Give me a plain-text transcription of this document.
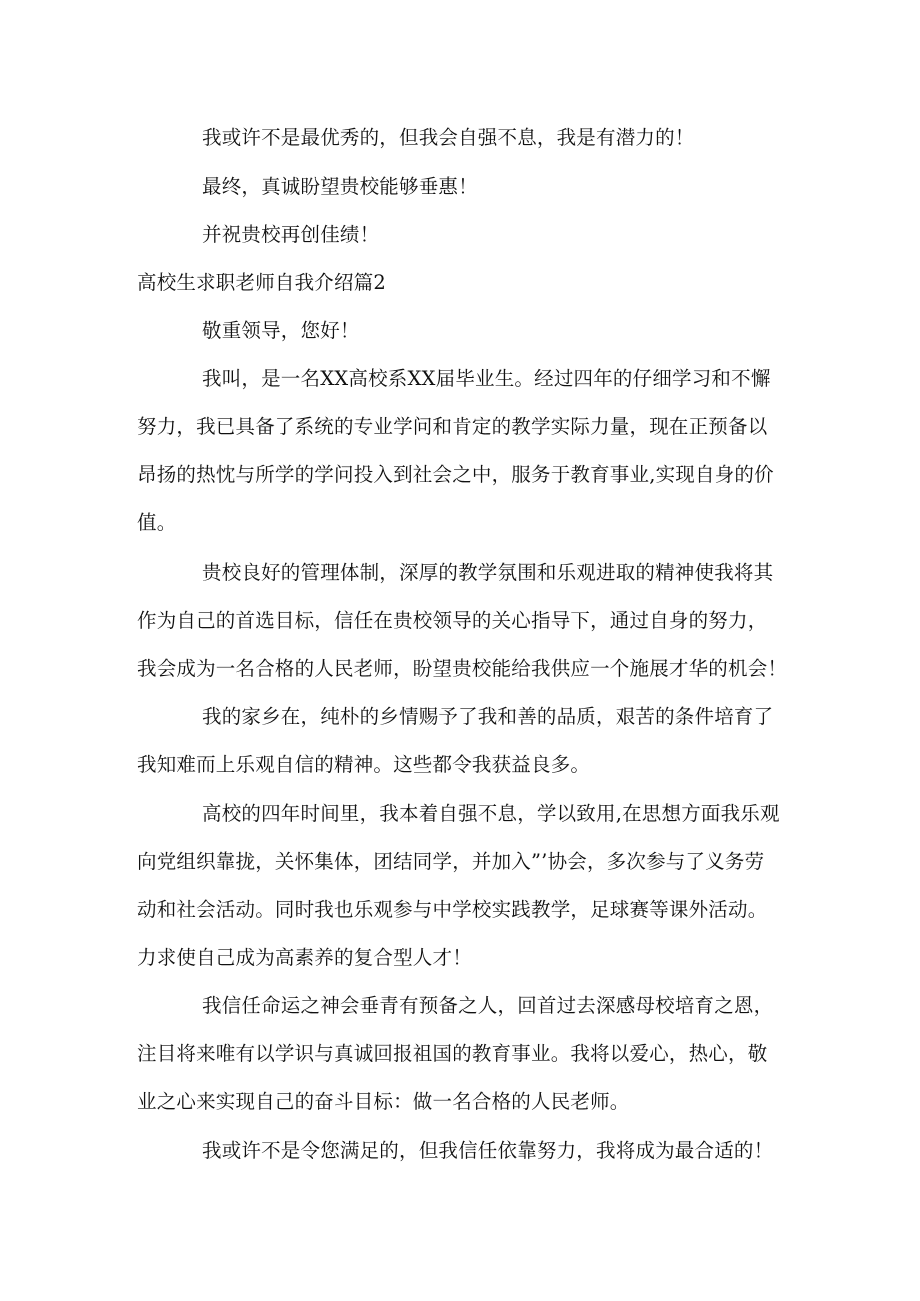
我或许不是最优秀的，但我会自强不息，我是有潜力的！
最终，真诚盼望贵校能够垂惠！
并祝贵校再创佳绩！
高校生求职老师自我介绍篇2
敬重领导，您好！
我叫，是一名XX高校系XX届毕业生。经过四年的仔细学习和不懈
努力，我已具备了系统的专业学问和肯定的教学实际力量，现在正预备以
昂扬的热忱与所学的学问投入到社会之中，服务于教育事业,实现自身的价
值。
贵校良好的管理体制，深厚的教学氛围和乐观进取的精神使我将其
作为自己的首选目标，信任在贵校领导的关心指导下，通过自身的努力，
我会成为一名合格的人民老师，盼望贵校能给我供应一个施展才华的机会！
我的家乡在，纯朴的乡情赐予了我和善的品质，艰苦的条件培育了
我知难而上乐观自信的精神。这些都令我获益良多。
高校的四年时间里，我本着自强不息，学以致用,在思想方面我乐观
向党组织靠拢，关怀集体，团结同学，并加入”’协会，多次参与了义务劳
动和社会活动。同时我也乐观参与中学校实践教学，足球赛等课外活动。
力求使自己成为高素养的复合型人才！
我信任命运之神会垂青有预备之人，回首过去深感母校培育之恩，
注目将来唯有以学识与真诚回报祖国的教育事业。我将以爱心，热心，敬
业之心来实现自己的奋斗目标：做一名合格的人民老师。
我或许不是令您满足的，但我信任依靠努力，我将成为最合适的！
